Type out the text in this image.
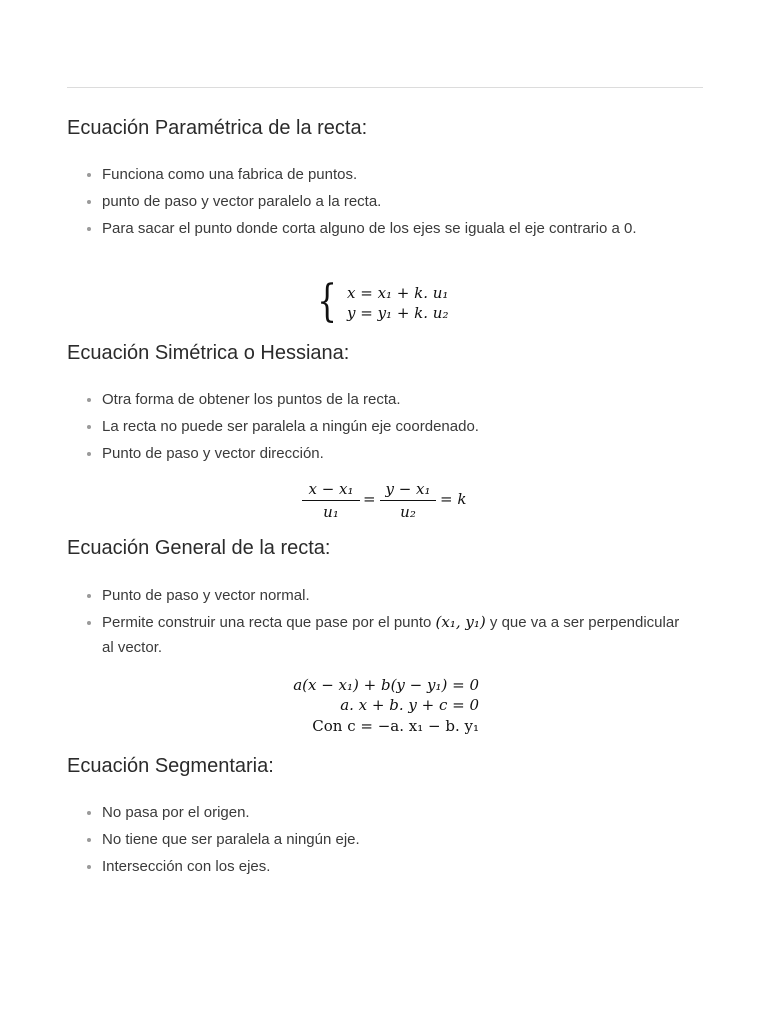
Ecuación Paramétrica de la recta:
Funciona como una fabrica de puntos.
punto de paso y vector paralelo a la recta.
Para sacar el punto donde corta alguno de los ejes se iguala el eje contrario a 0.
{ x = x₁ + k. u₁
y = y₁ + k. u₂
Ecuación Simétrica o Hessiana:
Otra forma de obtener los puntos de la recta.
La recta no puede ser paralela a ningún eje coordenado.
Punto de paso y vector dirección.
x − x₁
u₁
=
y − x₁
u₂
= k
Ecuación General de la recta:
Punto de paso y vector normal.
Permite construir una recta que pase por el punto (x₁, y₁) y que va a ser perpendicular al vector.
a(x − x₁) + b(y − y₁) = 0
a. x + b. y + c = 0
Con c = −a. x₁ − b. y₁
Ecuación Segmentaria:
No pasa por el origen.
No tiene que ser paralela a ningún eje.
Intersección con los ejes.
